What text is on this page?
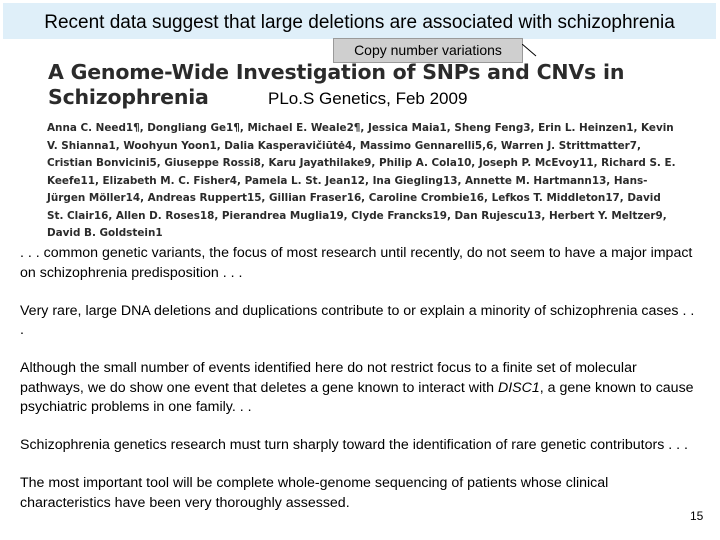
Recent data suggest that large deletions are associated with schizophrenia
Copy number variations
A Genome-Wide Investigation of SNPs and CNVs in Schizophrenia	PLo.S Genetics, Feb 2009
Anna C. Need1¶, Dongliang Ge1¶, Michael E. Weale2¶, Jessica Maia1, Sheng Feng3, Erin L. Heinzen1, Kevin V. Shianna1, Woohyun Yoon1, Dalia Kasperavičiūtė4, Massimo Gennarelli5,6, Warren J. Strittmatter7, Cristian Bonvicini5, Giuseppe Rossi8, Karu Jayathilake9, Philip A. Cola10, Joseph P. McEvoy11, Richard S. E. Keefe11, Elizabeth M. C. Fisher4, Pamela L. St. Jean12, Ina Giegling13, Annette M. Hartmann13, Hans-Jürgen Möller14, Andreas Ruppert15, Gillian Fraser16, Caroline Crombie16, Lefkos T. Middleton17, David St. Clair16, Allen D. Roses18, Pierandrea Muglia19, Clyde Francks19, Dan Rujescu13, Herbert Y. Meltzer9, David B. Goldstein1

. . . common genetic variants, the focus of most research until recently, do not seem to have a major impact on schizophrenia predisposition . . .

Very rare, large DNA deletions and duplications contribute to or explain a minority of schizophrenia cases . . .

Although the small number of events identified here do not restrict focus to a finite set of molecular pathways, we do show one event that deletes a gene known to interact with DISC1, a gene known to cause psychiatric problems in one family. . .

Schizophrenia genetics research must turn sharply toward the identification of rare genetic contributors . . .

The most important tool will be complete whole-genome sequencing of patients whose clinical characteristics have been very thoroughly assessed.

15
